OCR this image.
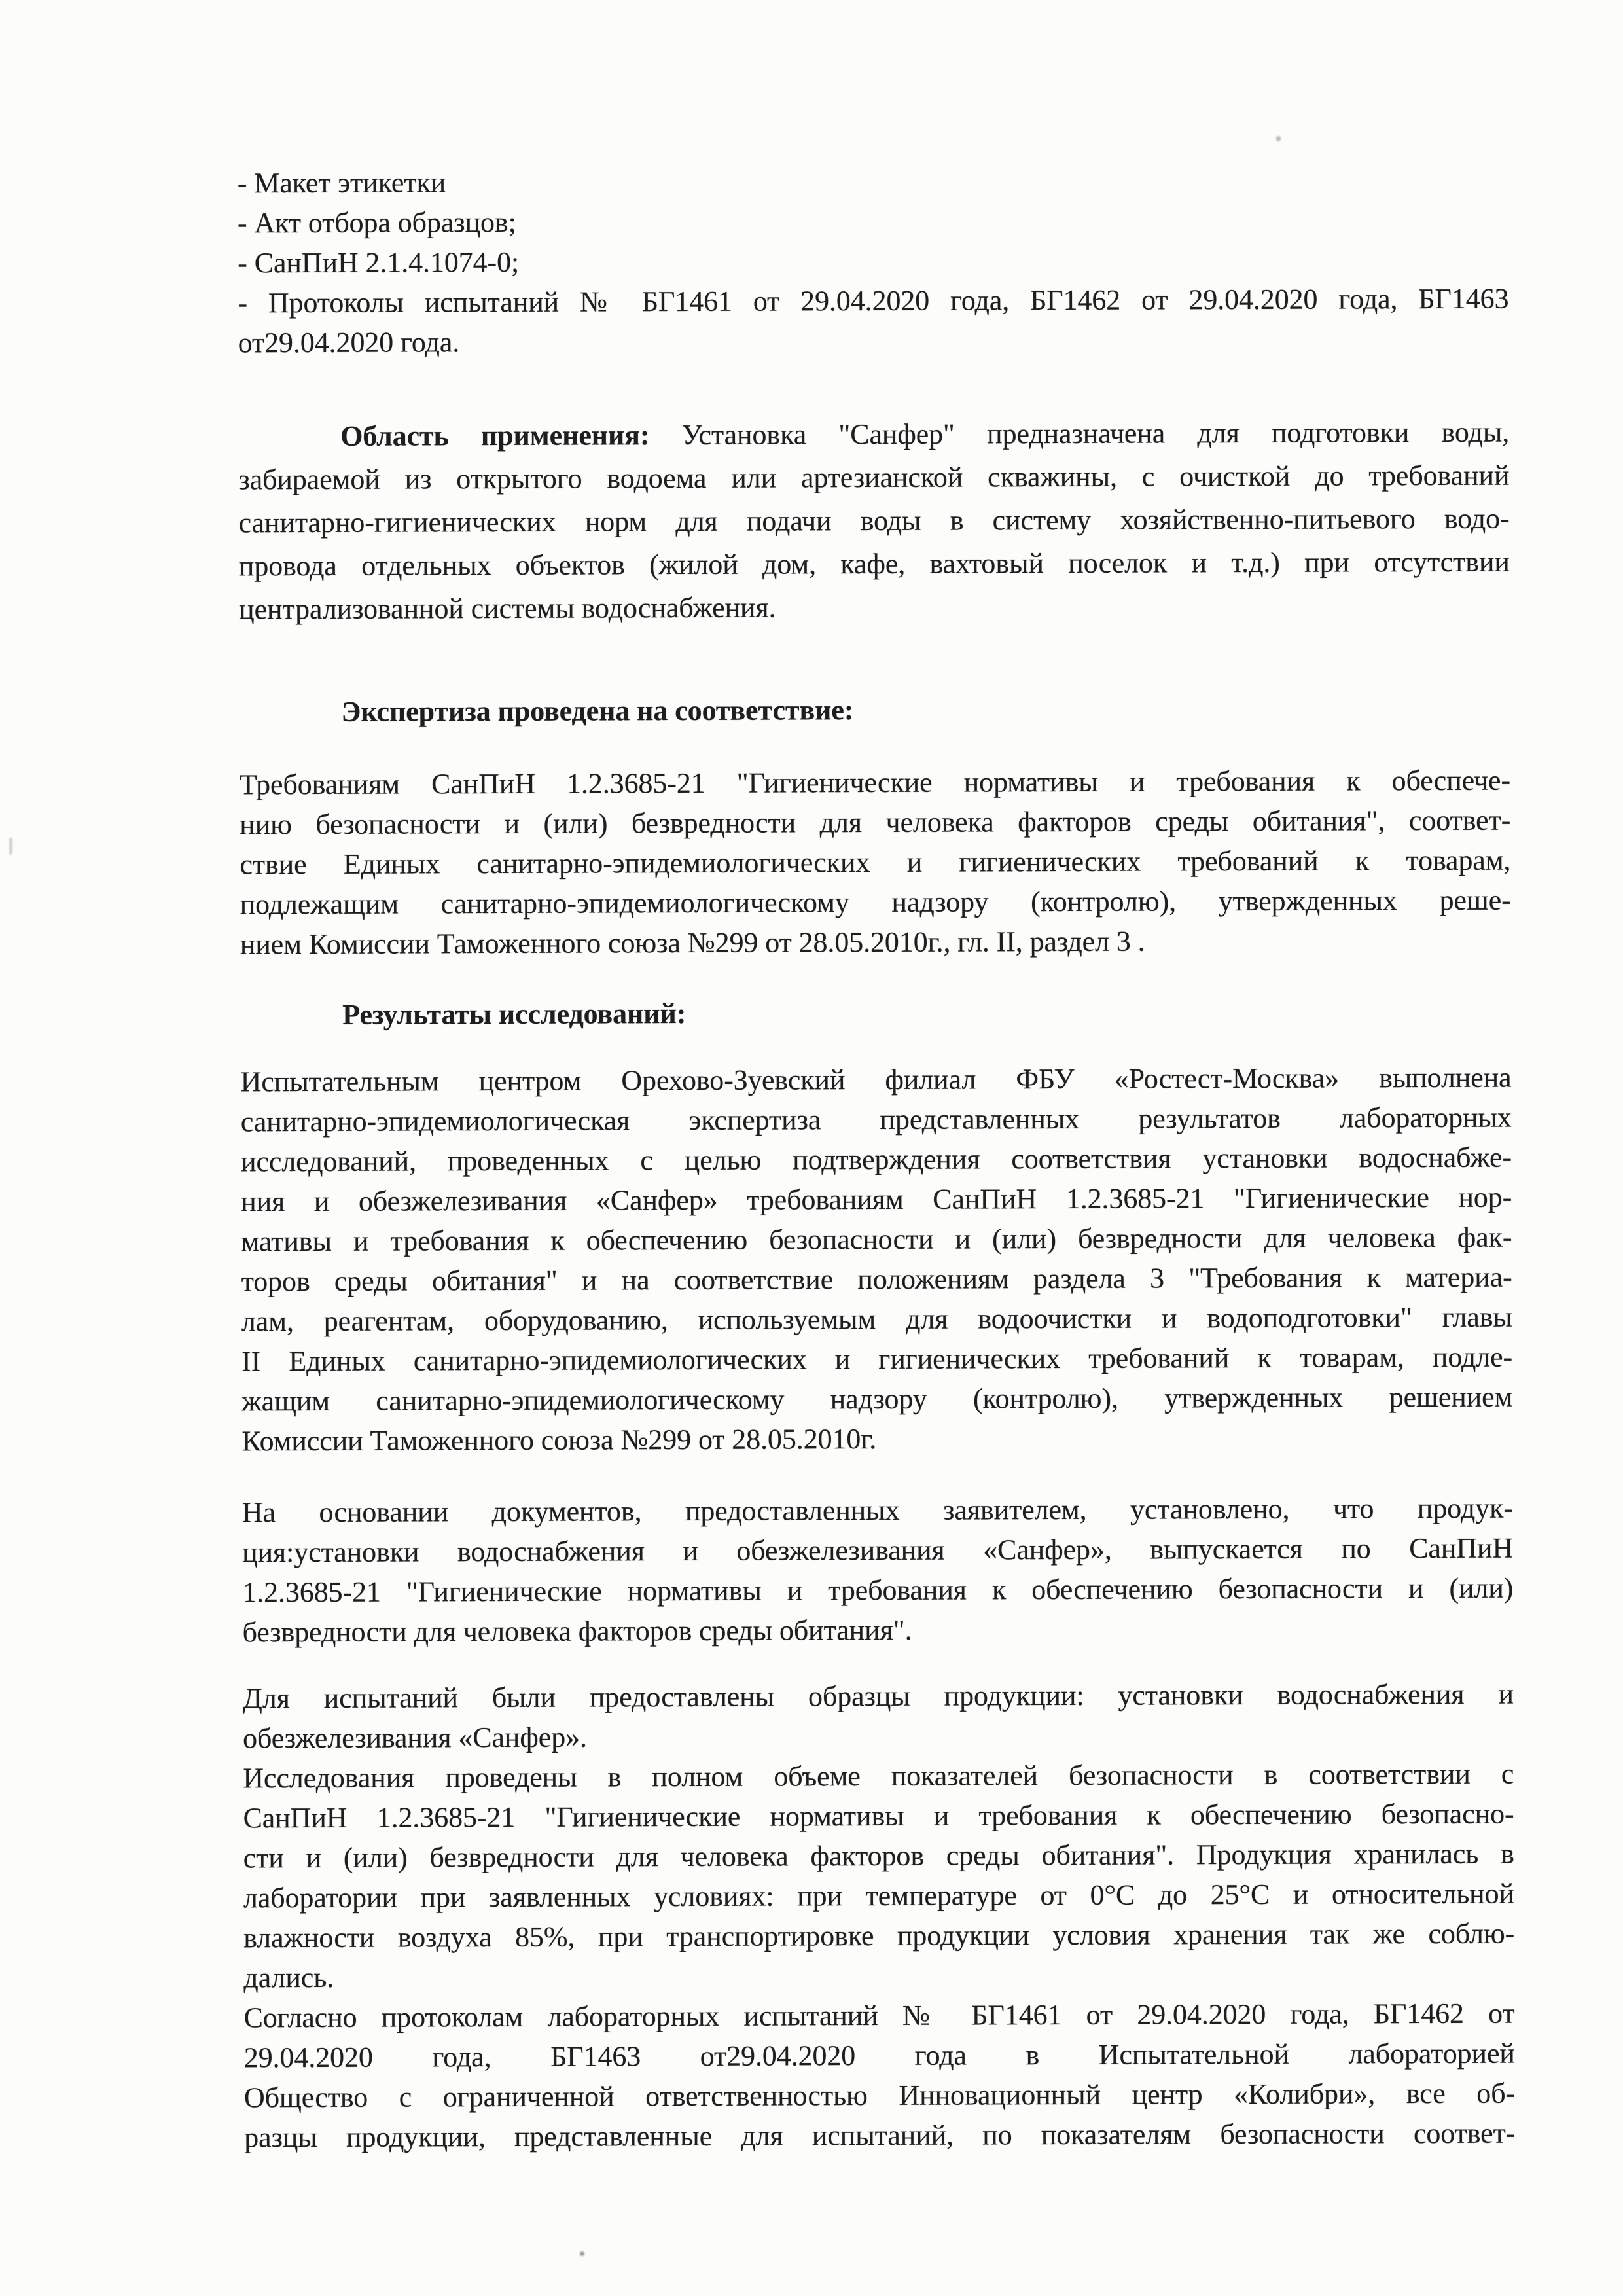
- Макет этикетки
- Акт отбора образцов;
- СанПиН 2.1.4.1074-0;
- Протоколы испытаний № БГ1461 от 29.04.2020 года, БГ1462 от 29.04.2020 года, БГ1463
от29.04.2020 года.
Область применения: Установка "Санфер" предназначена для подготовки воды,
забираемой из открытого водоема или артезианской скважины, с очисткой до требований
санитарно-гигиенических норм для подачи воды в систему хозяйственно-питьевого водо-
провода отдельных объектов (жилой дом, кафе, вахтовый поселок и т.д.) при отсутствии
централизованной системы водоснабжения.
Экспертиза проведена на соответствие:
Требованиям СанПиН 1.2.3685-21 "Гигиенические нормативы и требования к обеспече-
нию безопасности и (или) безвредности для человека факторов среды обитания", соответ-
ствие Единых санитарно-эпидемиологических и гигиенических требований к товарам,
подлежащим санитарно-эпидемиологическому надзору (контролю), утвержденных реше-
нием Комиссии Таможенного союза №299 от 28.05.2010г., гл. II, раздел 3 .
Результаты исследований:
Испытательным центром Орехово-Зуевский филиал ФБУ «Ростест-Москва» выполнена
санитарно-эпидемиологическая экспертиза представленных результатов лабораторных
исследований, проведенных с целью подтверждения соответствия установки водоснабже-
ния и обезжелезивания «Санфер» требованиям СанПиН 1.2.3685-21 "Гигиенические нор-
мативы и требования к обеспечению безопасности и (или) безвредности для человека фак-
торов среды обитания" и на соответствие положениям раздела 3 "Требования к материа-
лам, реагентам, оборудованию, используемым для водоочистки и водоподготовки" главы
II Единых санитарно-эпидемиологических и гигиенических требований к товарам, подле-
жащим санитарно-эпидемиологическому надзору (контролю), утвержденных решением
Комиссии Таможенного союза №299 от 28.05.2010г.
На основании документов, предоставленных заявителем, установлено, что продук-
ция:установки водоснабжения и обезжелезивания «Санфер», выпускается по СанПиН
1.2.3685-21 "Гигиенические нормативы и требования к обеспечению безопасности и (или)
безвредности для человека факторов среды обитания".
Для испытаний были предоставлены образцы продукции: установки водоснабжения и
обезжелезивания «Санфер».
Исследования проведены в полном объеме показателей безопасности в соответствии с
СанПиН 1.2.3685-21 "Гигиенические нормативы и требования к обеспечению безопасно-
сти и (или) безвредности для человека факторов среды обитания". Продукция хранилась в
лаборатории при заявленных условиях: при температуре от 0°С до 25°С и относительной
влажности воздуха 85%, при транспортировке продукции условия хранения так же соблю-
дались.
Согласно протоколам лабораторных испытаний № БГ1461 от 29.04.2020 года, БГ1462 от
29.04.2020 года, БГ1463 от29.04.2020 года в Испытательной лабораторией
Общество с ограниченной ответственностью Инновационный центр «Колибри», все об-
разцы продукции, представленные для испытаний, по показателям безопасности соответ-
